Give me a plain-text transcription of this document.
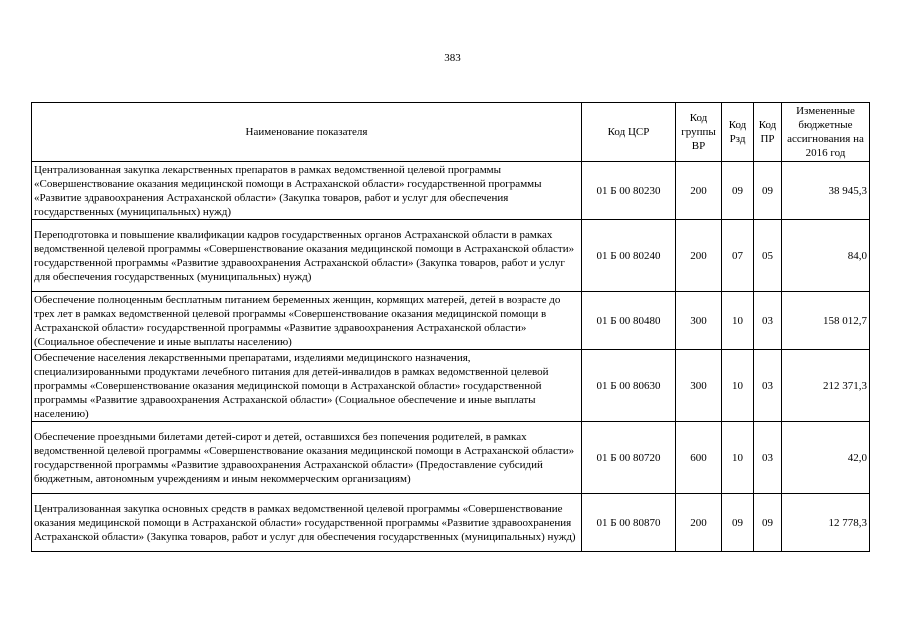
383
Наименование показателя	Код ЦСР	Код группы ВР	Код Рзд	Код ПР	Измененные бюджетные ассигнования на 2016 год
Централизованная закупка лекарственных препаратов в рамках ведомственной целевой программы «Совершенствование оказания медицинской помощи в Астраханской области» государственной программы «Развитие здравоохранения Астраханской области» (Закупка товаров, работ и услуг для обеспечения государственных (муниципальных) нужд)	01 Б 00 80230	200	09	09	38 945,3
Переподготовка и повышение квалификации кадров государственных органов Астраханской области в рамках ведомственной целевой программы «Совершенствование оказания медицинской помощи в Астраханской области» государственной программы «Развитие здравоохранения Астраханской области» (Закупка товаров, работ и услуг для обеспечения государственных (муниципальных) нужд)	01 Б 00 80240	200	07	05	84,0
Обеспечение полноценным бесплатным питанием беременных женщин, кормящих матерей, детей в возрасте до трех лет в рамках ведомственной целевой программы «Совершенствование оказания медицинской помощи в Астраханской области» государственной программы «Развитие здравоохранения Астраханской области» (Социальное обеспечение и иные выплаты населению)	01 Б 00 80480	300	10	03	158 012,7
Обеспечение населения лекарственными препаратами, изделиями медицинского назначения, специализированными продуктами лечебного питания для детей-инвалидов в рамках ведомственной целевой программы «Совершенствование оказания медицинской помощи в Астраханской области» государственной программы «Развитие здравоохранения Астраханской области» (Социальное обеспечение и иные выплаты населению)	01 Б 00 80630	300	10	03	212 371,3
Обеспечение проездными билетами детей-сирот и детей, оставшихся без попечения родителей, в рамках ведомственной целевой программы «Совершенствование оказания медицинской помощи в Астраханской области» государственной программы «Развитие здравоохранения Астраханской области» (Предоставление субсидий бюджетным, автономным учреждениям и иным некоммерческим организациям)	01 Б 00 80720	600	10	03	42,0
Централизованная закупка основных средств в рамках ведомственной целевой программы «Совершенствование оказания медицинской помощи в Астраханской области» государственной программы «Развитие здравоохранения Астраханской области» (Закупка товаров, работ и услуг для обеспечения государственных (муниципальных) нужд)	01 Б 00 80870	200	09	09	12 778,3
